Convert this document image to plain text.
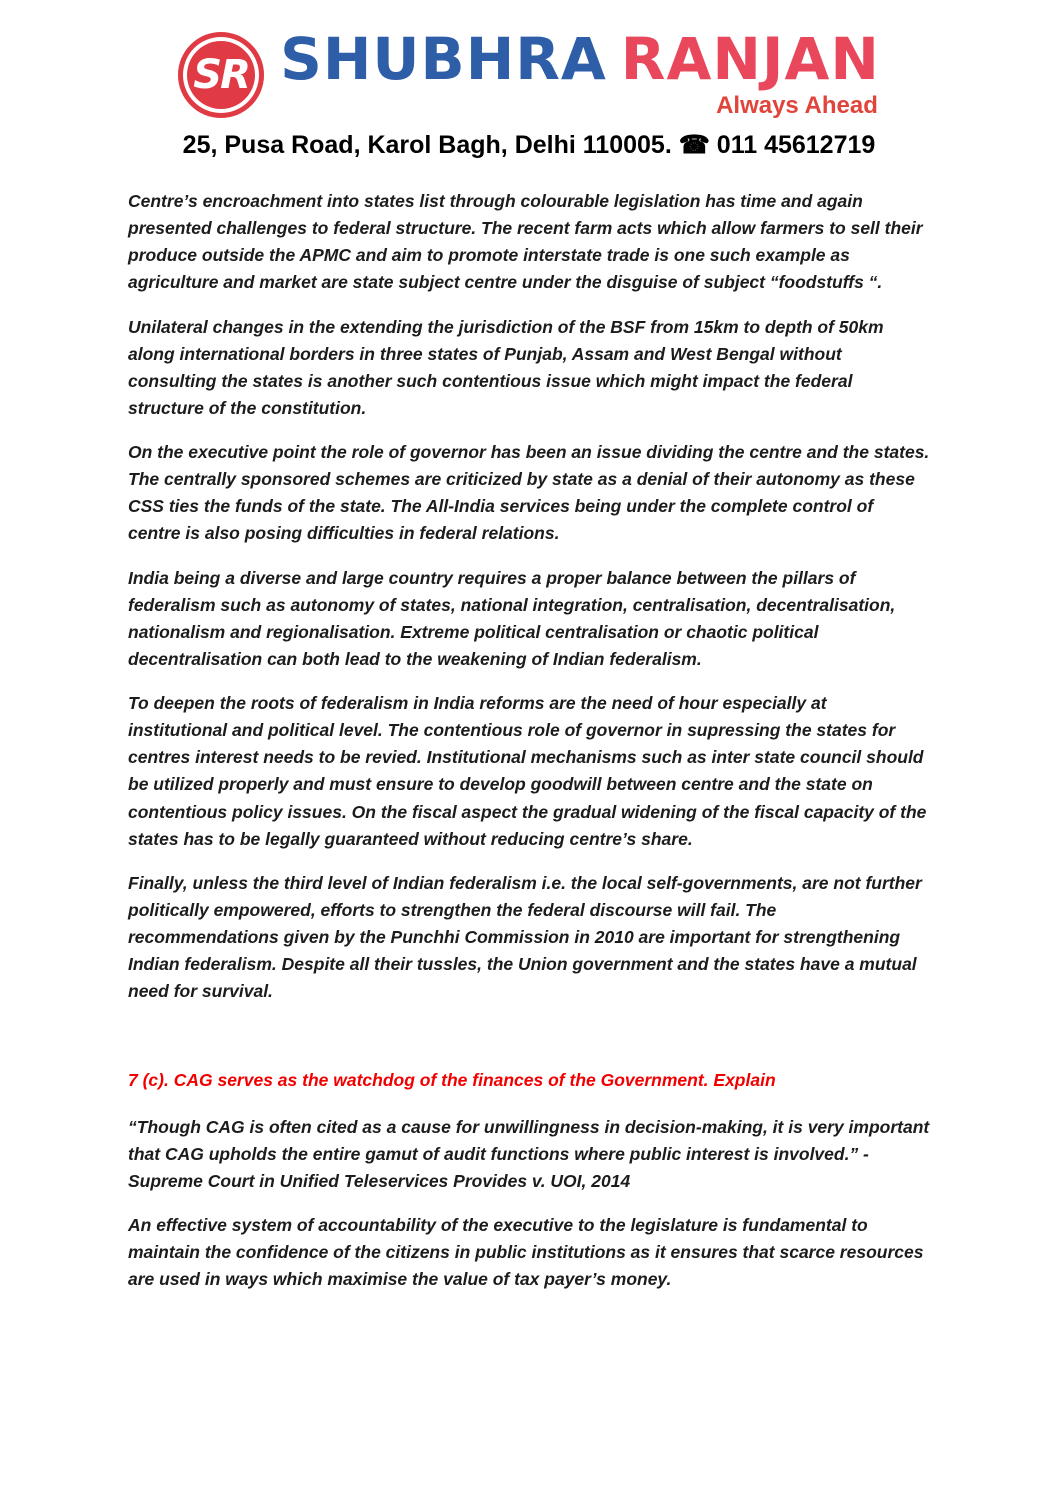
SR SHUBHRA RANJAN
Always Ahead
25, Pusa Road, Karol Bagh, Delhi 110005. ☎ 011 45612719

Centre’s encroachment into states list through colourable legislation has time and again presented challenges to federal structure. The recent farm acts which allow farmers to sell their produce outside the APMC and aim to promote interstate trade is one such example as agriculture and market are state subject centre under the disguise of subject “foodstuffs “.

Unilateral changes in the extending the jurisdiction of the BSF from 15km to depth of 50km along international borders in three states of Punjab, Assam and West Bengal without consulting the states is another such contentious issue which might impact the federal structure of the constitution.

On the executive point the role of governor has been an issue dividing the centre and the states. The centrally sponsored schemes are criticized by state as a denial of their autonomy as these CSS ties the funds of the state. The All-India services being under the complete control of centre is also posing difficulties in federal relations.

India being a diverse and large country requires a proper balance between the pillars of federalism such as autonomy of states, national integration, centralisation, decentralisation, nationalism and regionalisation. Extreme political centralisation or chaotic political decentralisation can both lead to the weakening of Indian federalism.

To deepen the roots of federalism in India reforms are the need of hour especially at institutional and political level. The contentious role of governor in supressing the states for centres interest needs to be revied. Institutional mechanisms such as inter state council should be utilized properly and must ensure to develop goodwill between centre and the state on contentious policy issues. On the fiscal aspect the gradual widening of the fiscal capacity of the states has to be legally guaranteed without reducing centre’s share.

Finally, unless the third level of Indian federalism i.e. the local self-governments, are not further politically empowered, efforts to strengthen the federal discourse will fail. The recommendations given by the Punchhi Commission in 2010 are important for strengthening Indian federalism. Despite all their tussles, the Union government and the states have a mutual need for survival.

7 (c). CAG serves as the watchdog of the finances of the Government. Explain

“Though CAG is often cited as a cause for unwillingness in decision-making, it is very important that CAG upholds the entire gamut of audit functions where public interest is involved.” - Supreme Court in Unified Teleservices Provides v. UOI, 2014

An effective system of accountability of the executive to the legislature is fundamental to maintain the confidence of the citizens in public institutions as it ensures that scarce resources are used in ways which maximise the value of tax payer’s money.
